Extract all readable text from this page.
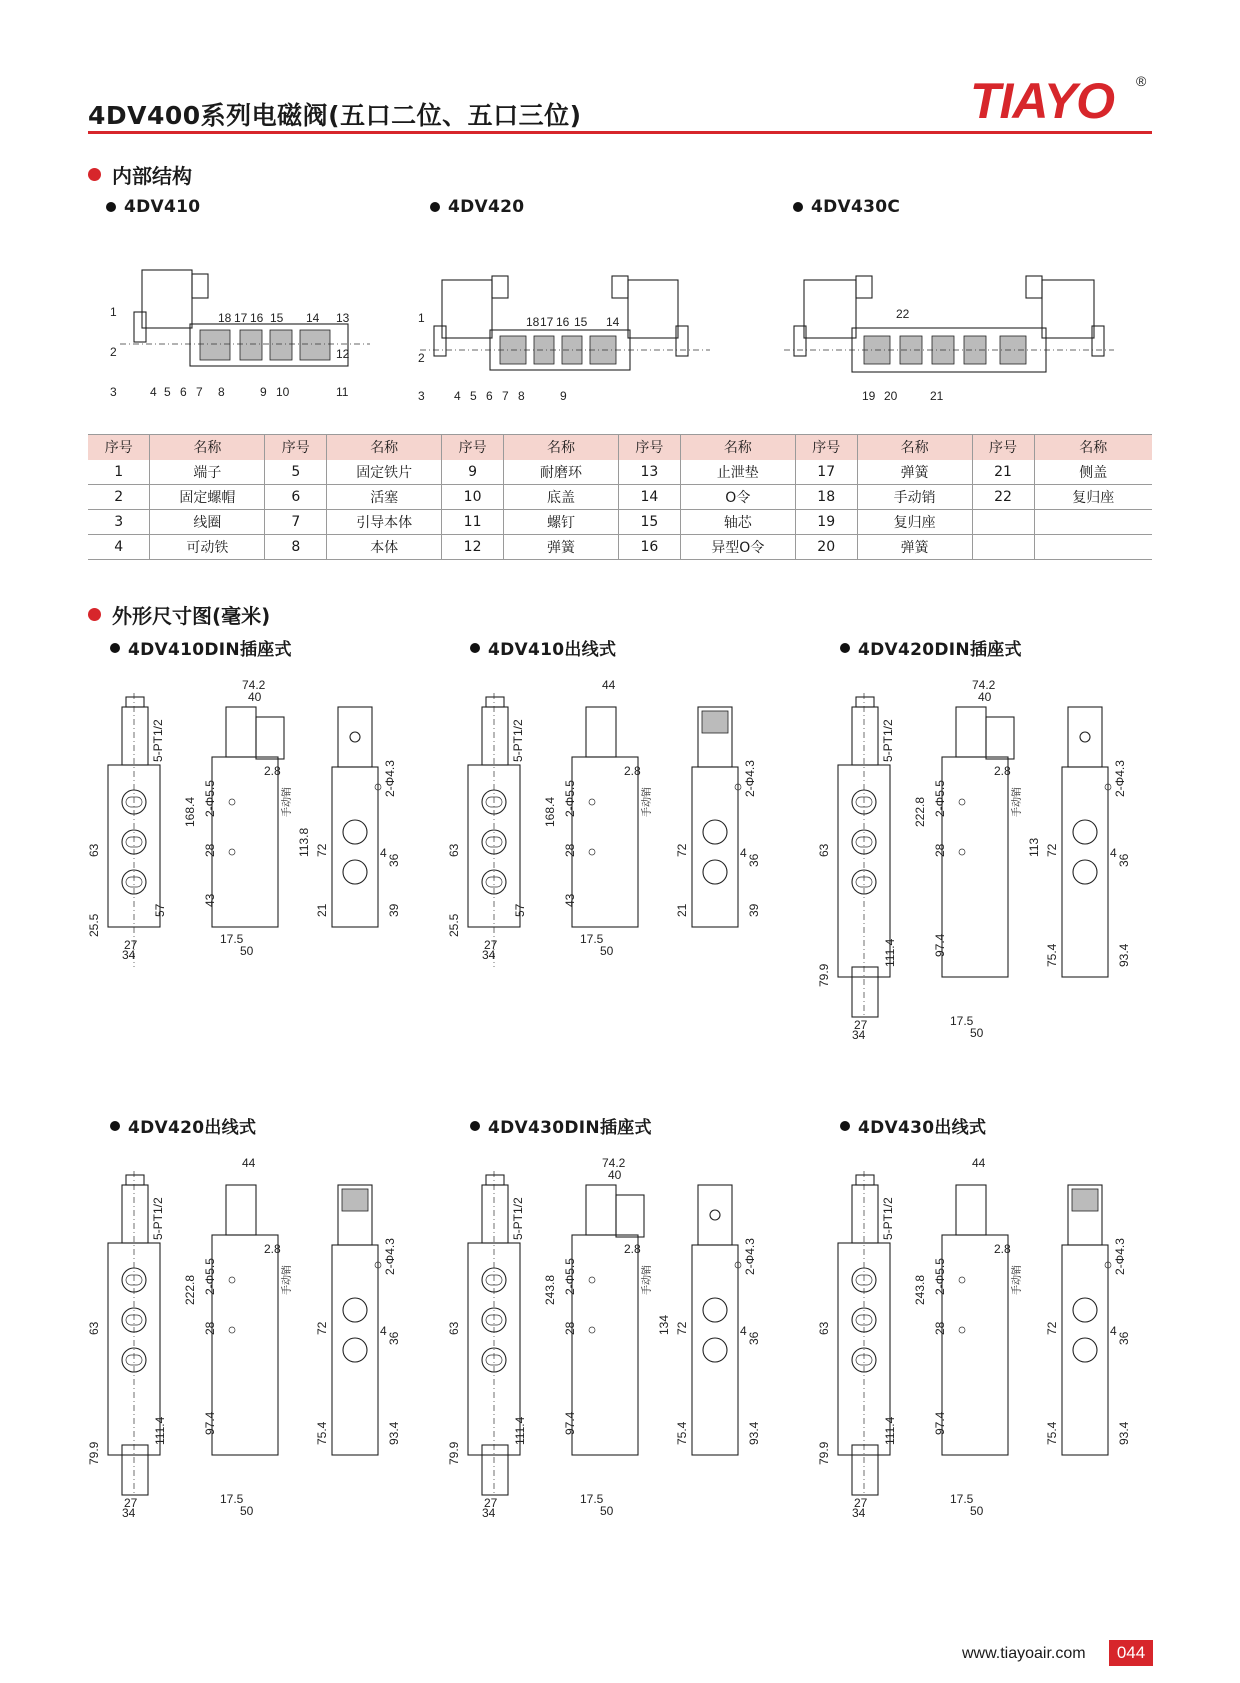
4DV400系列电磁阀(五口二位、五口三位)	TIAYO ®
内部结构
4DV410	4DV420	4DV430C
1
2
3	4 5 6 7 8	9 10	11
12
13
14
15
16
17
18	1
2
3 4 5 6 7 8	9
18 17 16 15 14
22
19 20	21
序号	名称	序号	名称	序号	名称	序号	名称	序号	名称	序号	名称
1	端子	5	固定铁片	9	耐磨环	13	止泄垫	17	弹簧	21	侧盖
2	固定螺帽	6	活塞	10	底盖	14	O令	18	手动销	22	复归座
3	线圈	7	引导本体	11	螺钉	15	轴芯	19	复归座		
4	可动铁	8	本体	12	弹簧	16	异型O令	20	弹簧		
外形尺寸图(毫米)
4DV410DIN插座式
63
5-PT1/2
57
25.5
27
34
74.2
40
2.8
168.4 2-Φ5.5
28
43
113.8
手动销
17.5
50
2-Φ4.3
72
36
4
39
21
4DV410出线式
63
5-PT1/2
57
25.5
27
34
44
2.8
168.4 2-Φ5.5
28
43
手动销
17.5
50
2-Φ4.3
72
36
4
39
21
4DV420DIN插座式
63
5-PT1/2
111.4
79.9
27
34
74.2
40
2.8
222.8 2-Φ5.5
28
97.4
113
手动销
17.5
50
2-Φ4.3
72
36
4
93.4
75.4
4DV420出线式
63
5-PT1/2
111.4
79.9
27
34
44
2.8
222.8 2-Φ5.5
28
97.4
手动销
17.5
50
2-Φ4.3
72
36
4
93.4
75.4
4DV430DIN插座式
63
5-PT1/2
111.4
79.9
27
34
74.2
40
2.8
243.8 2-Φ5.5
28
97.4
134
手动销
17.5
50
2-Φ4.3
72
36
4
93.4
75.4
4DV430出线式
63
5-PT1/2
111.4
79.9
27
34
44
2.8
243.8 2-Φ5.5
28
97.4
手动销
17.5
50
2-Φ4.3
72
36
4
93.4
75.4
www.tiayoair.com	044
